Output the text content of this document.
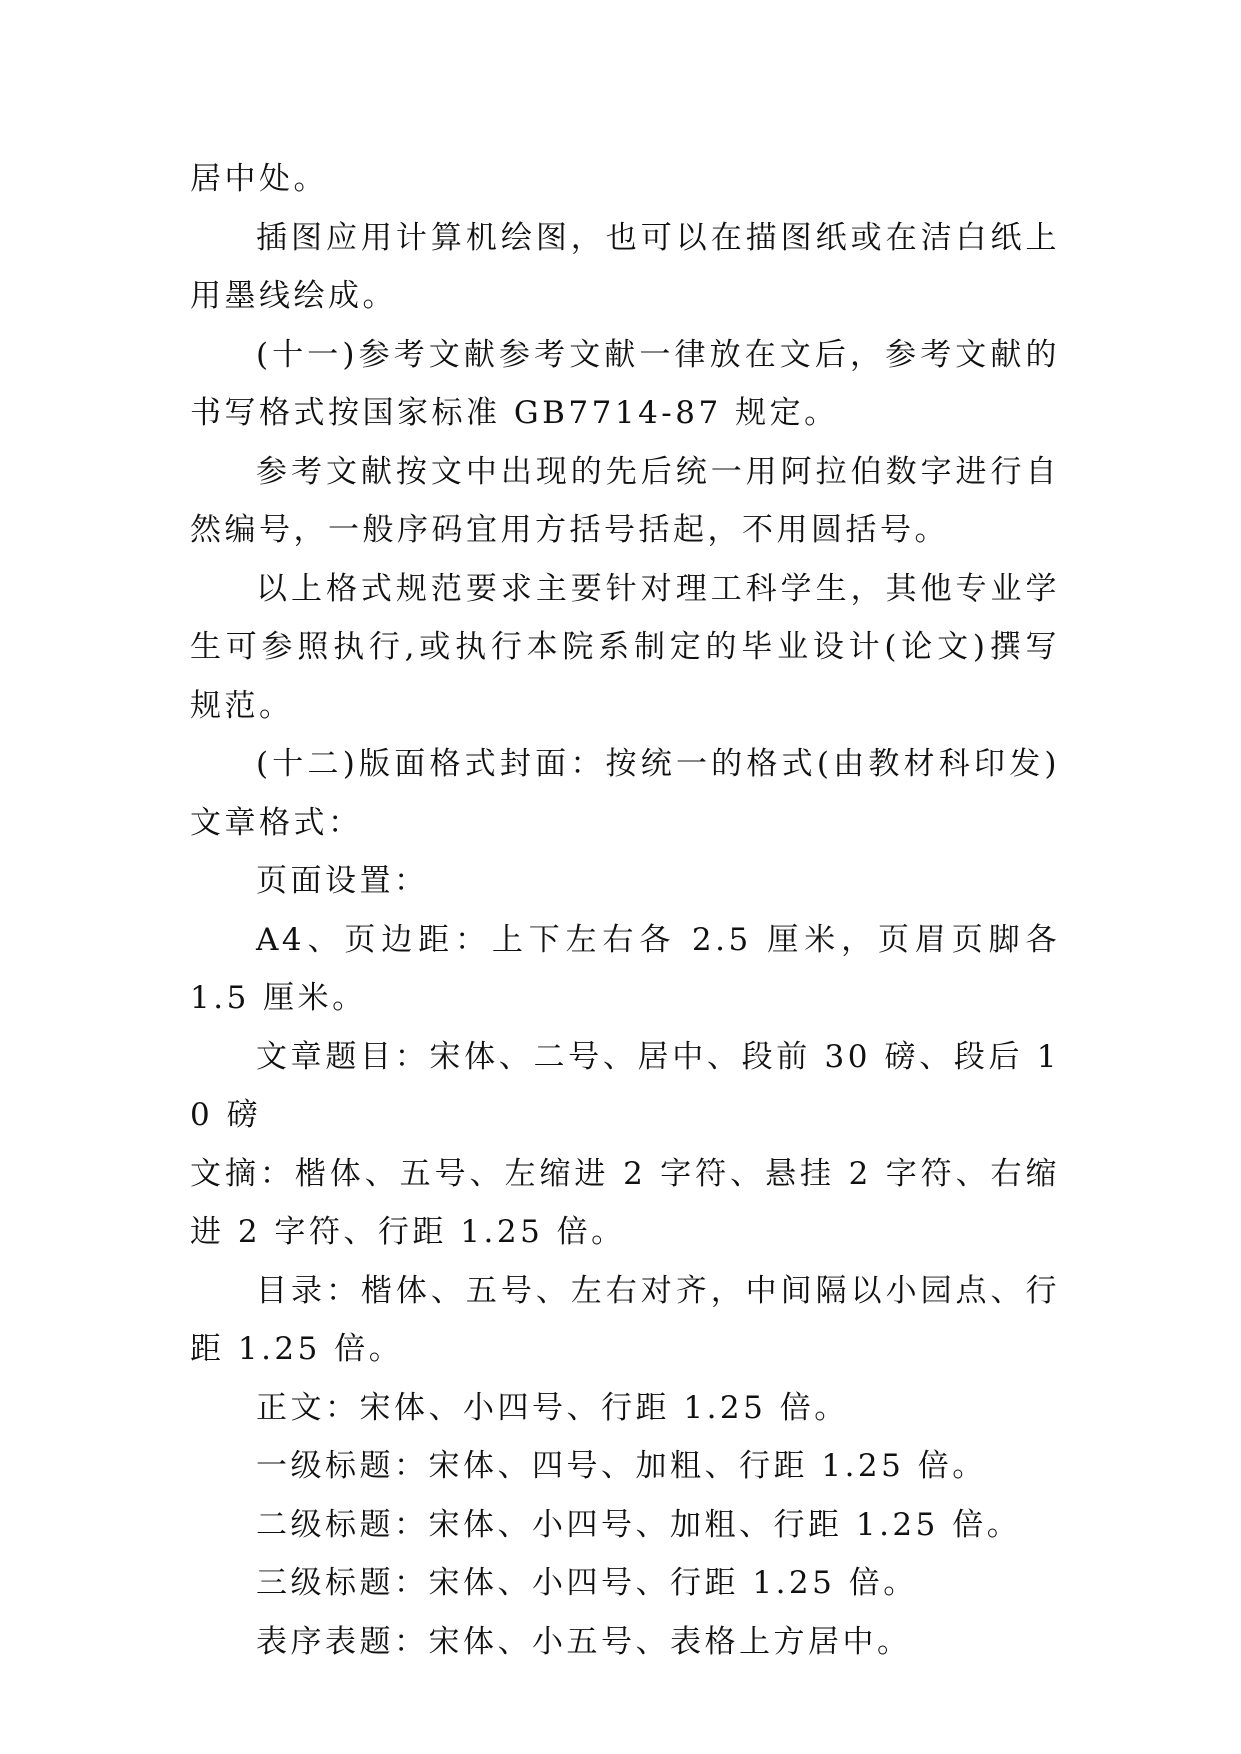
居中处。

插图应用计算机绘图，也可以在描图纸或在洁白纸上用墨线绘成。

(十一)参考文献参考文献一律放在文后，参考文献的书写格式按国家标准 GB7714-87 规定。

参考文献按文中出现的先后统一用阿拉伯数字进行自然编号，一般序码宜用方括号括起，不用圆括号。

以上格式规范要求主要针对理工科学生，其他专业学生可参照执行,或执行本院系制定的毕业设计(论文)撰写规范。

(十二)版面格式封面：按统一的格式(由教材科印发)文章格式：

页面设置：

A4、页边距：上下左右各 2.5 厘米，页眉页脚各 1.5 厘米。

文章题目：宋体、二号、居中、段前 30 磅、段后 10 磅

文摘：楷体、五号、左缩进 2 字符、悬挂 2 字符、右缩进 2 字符、行距 1.25 倍。

目录：楷体、五号、左右对齐，中间隔以小园点、行距 1.25 倍。

正文：宋体、小四号、行距 1.25 倍。

一级标题：宋体、四号、加粗、行距 1.25 倍。

二级标题：宋体、小四号、加粗、行距 1.25 倍。

三级标题：宋体、小四号、行距 1.25 倍。

表序表题：宋体、小五号、表格上方居中。
